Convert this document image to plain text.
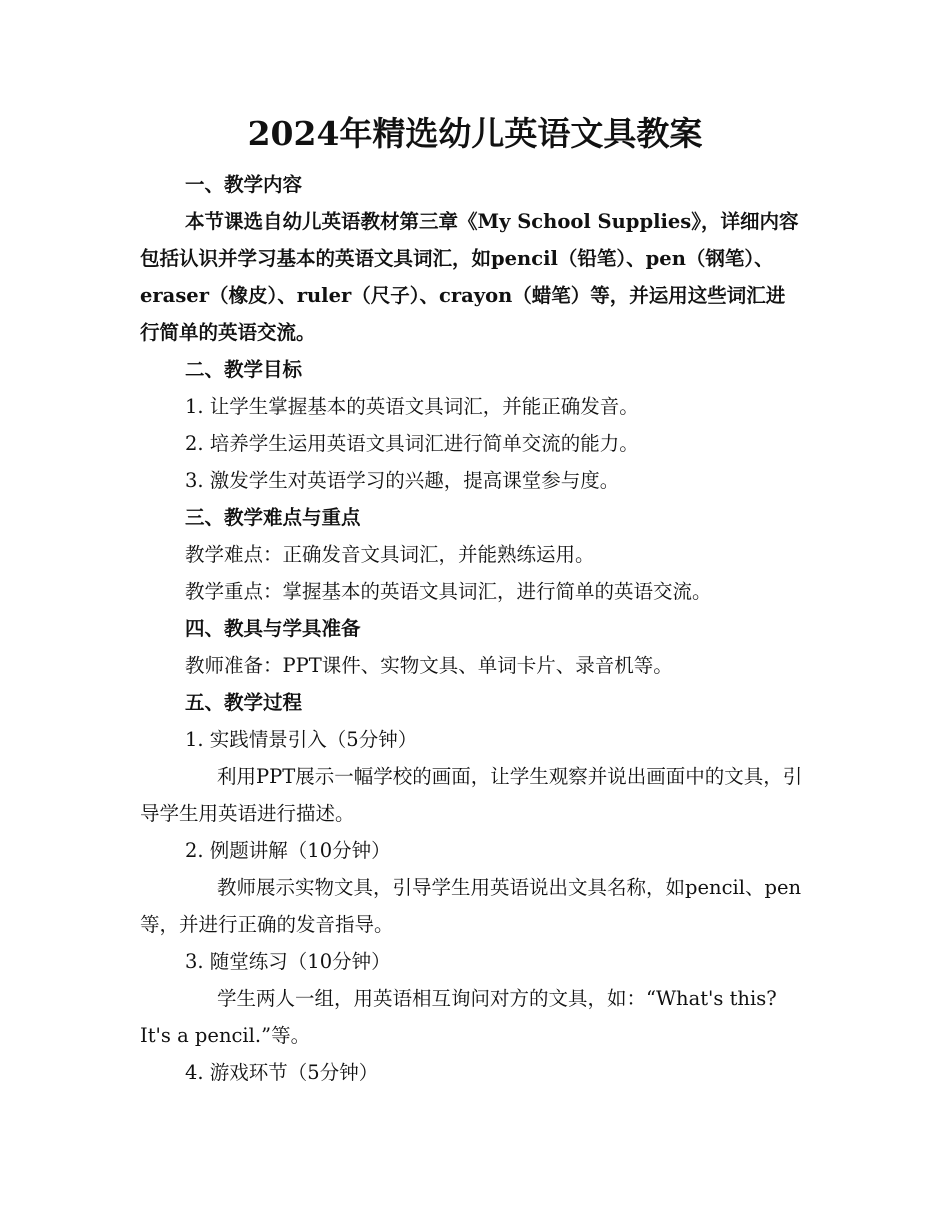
2024年精选幼儿英语文具教案

一、教学内容

本节课选自幼儿英语教材第三章《My School Supplies》，详细内容包括认识并学习基本的英语文具词汇，如pencil（铅笔）、pen（钢笔）、eraser（橡皮）、ruler（尺子）、crayon（蜡笔）等，并运用这些词汇进行简单的英语交流。

二、教学目标

1. 让学生掌握基本的英语文具词汇，并能正确发音。

2. 培养学生运用英语文具词汇进行简单交流的能力。

3. 激发学生对英语学习的兴趣，提高课堂参与度。

三、教学难点与重点

教学难点：正确发音文具词汇，并能熟练运用。

教学重点：掌握基本的英语文具词汇，进行简单的英语交流。

四、教具与学具准备

教师准备：PPT课件、实物文具、单词卡片、录音机等。

五、教学过程

1. 实践情景引入（5分钟）

利用PPT展示一幅学校的画面，让学生观察并说出画面中的文具，引导学生用英语进行描述。

2. 例题讲解（10分钟）

教师展示实物文具，引导学生用英语说出文具名称，如pencil、pen等，并进行正确的发音指导。

3. 随堂练习（10分钟）

学生两人一组，用英语相互询问对方的文具，如：“What's this? It's a pencil.”等。

4. 游戏环节（5分钟）
